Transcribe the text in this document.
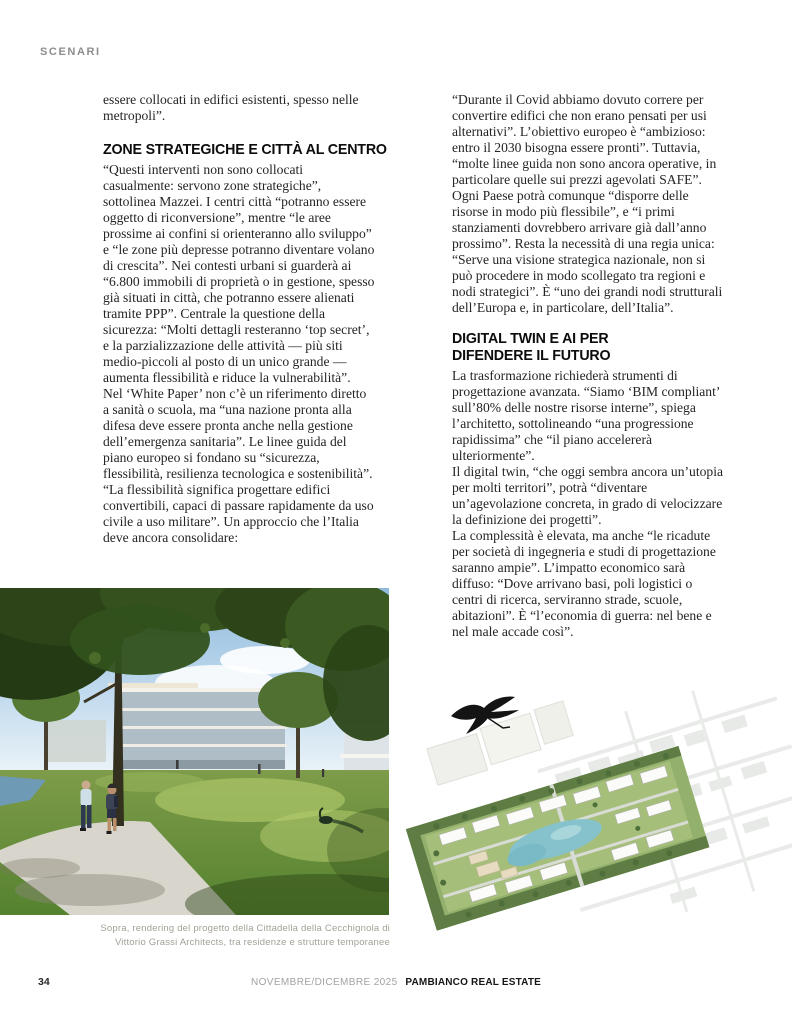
SCENARI

essere collocati in edifici esistenti, spesso nelle metropoli”.

ZONE STRATEGICHE E CITTÀ AL CENTRO

“Questi interventi non sono collocati casualmente: servono zone strategiche”, sottolinea Mazzei. I centri città “potranno essere oggetto di riconversione”, mentre “le aree prossime ai confini si orienteranno allo sviluppo” e “le zone più depresse potranno diventare volano di crescita”. Nei contesti urbani si guarderà ai “6.800 immobili di proprietà o in gestione, spesso già situati in città, che potranno essere alienati tramite PPP”. Centrale la questione della sicurezza: “Molti dettagli resteranno ‘top secret’, e la parzializzazione delle attività — più siti medio-piccoli al posto di un unico grande — aumenta flessibilità e riduce la vulnerabilità”.

Nel ‘White Paper’ non c’è un riferimento diretto a sanità o scuola, ma “una nazione pronta alla difesa deve essere pronta anche nella gestione dell’emergenza sanitaria”. Le linee guida del piano europeo si fondano su “sicurezza, flessibilità, resilienza tecnologica e sostenibilità”. “La flessibilità significa progettare edifici convertibili, capaci di passare rapidamente da uso civile a uso militare”. Un approccio che l’Italia deve ancora consolidare:

“Durante il Covid abbiamo dovuto correre per convertire edifici che non erano pensati per usi alternativi”. L’obiettivo europeo è “ambizioso: entro il 2030 bisogna essere pronti”. Tuttavia, “molte linee guida non sono ancora operative, in particolare quelle sui prezzi agevolati SAFE”. Ogni Paese potrà comunque “disporre delle risorse in modo più flessibile”, e “i primi stanziamenti dovrebbero arrivare già dall’anno prossimo”. Resta la necessità di una regia unica: “Serve una visione strategica nazionale, non si può procedere in modo scollegato tra regioni e nodi strategici”. È “uno dei grandi nodi strutturali dell’Europa e, in particolare, dell’Italia”.

DIGITAL TWIN E AI PER DIFENDERE IL FUTURO

La trasformazione richiederà strumenti di progettazione avanzata. “Siamo ‘BIM compliant’ sull’80% delle nostre risorse interne”, spiega l’architetto, sottolineando “una progressione rapidissima” che “il piano accelererà ulteriormente”.

Il digital twin, “che oggi sembra ancora un’utopia per molti territori”, potrà “diventare un’agevolazione concreta, in grado di velocizzare la definizione dei progetti”.

La complessità è elevata, ma anche “le ricadute per società di ingegneria e studi di progettazione saranno ampie”. L’impatto economico sarà diffuso: “Dove arrivano basi, poli logistici o centri di ricerca, serviranno strade, scuole, abitazioni”. È “l’economia di guerra: nel bene e nel male accade così”.

Sopra, rendering del progetto della Cittadella della Cecchignola di Vittorio Grassi Architects, tra residenze e strutture temporanee
34	NOVEMBRE/DICEMBRE 2025 PAMBIANCO REAL ESTATE
